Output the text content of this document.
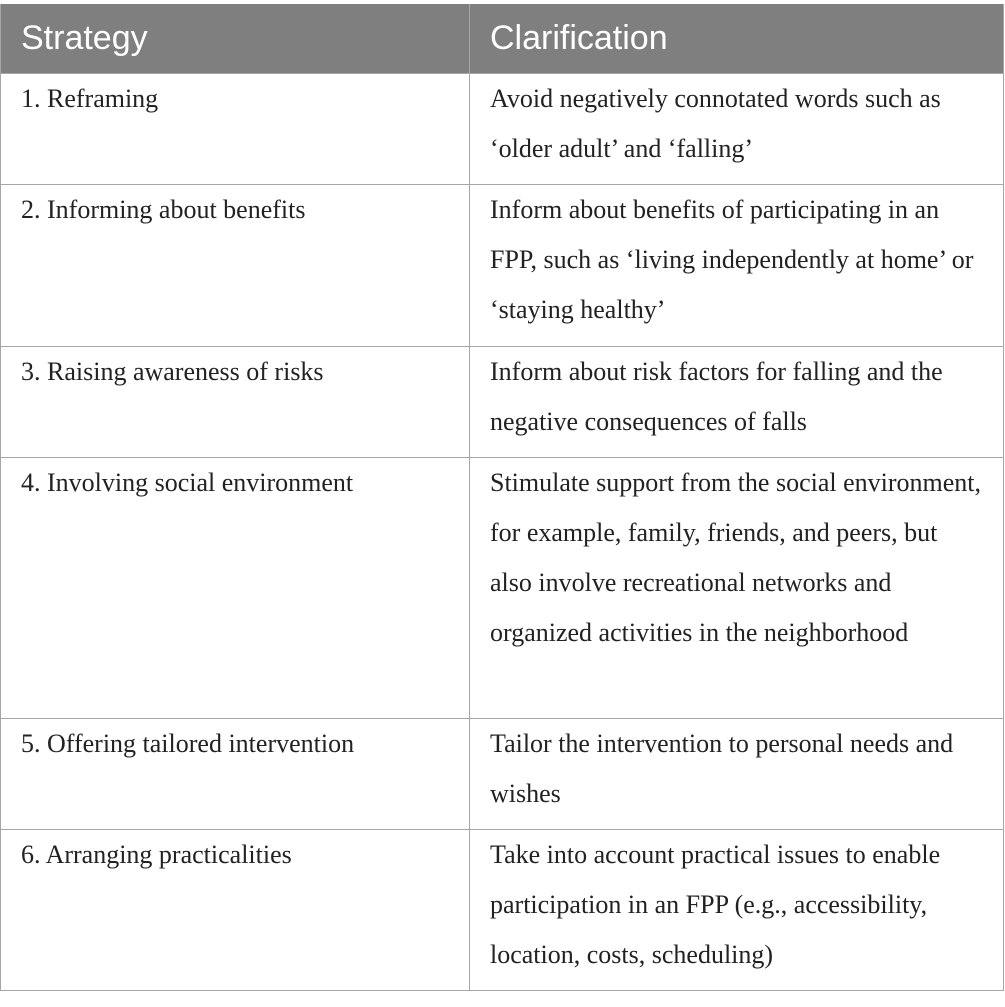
Strategy	Clarification

1. Reframing	Avoid negatively connotated words such as ‘older adult’ and ‘falling’

2. Informing about benefits	Inform about benefits of participating in an FPP, such as ‘living independently at home’ or ‘staying healthy’

3. Raising awareness of risks	Inform about risk factors for falling and the negative consequences of falls

4. Involving social environment	Stimulate support from the social environment, for example, family, friends, and peers, but also involve recreational networks and organized activities in the neighborhood

5. Offering tailored intervention	Tailor the intervention to personal needs and wishes

6. Arranging practicalities	Take into account practical issues to enable participation in an FPP (e.g., accessibility, location, costs, scheduling)
